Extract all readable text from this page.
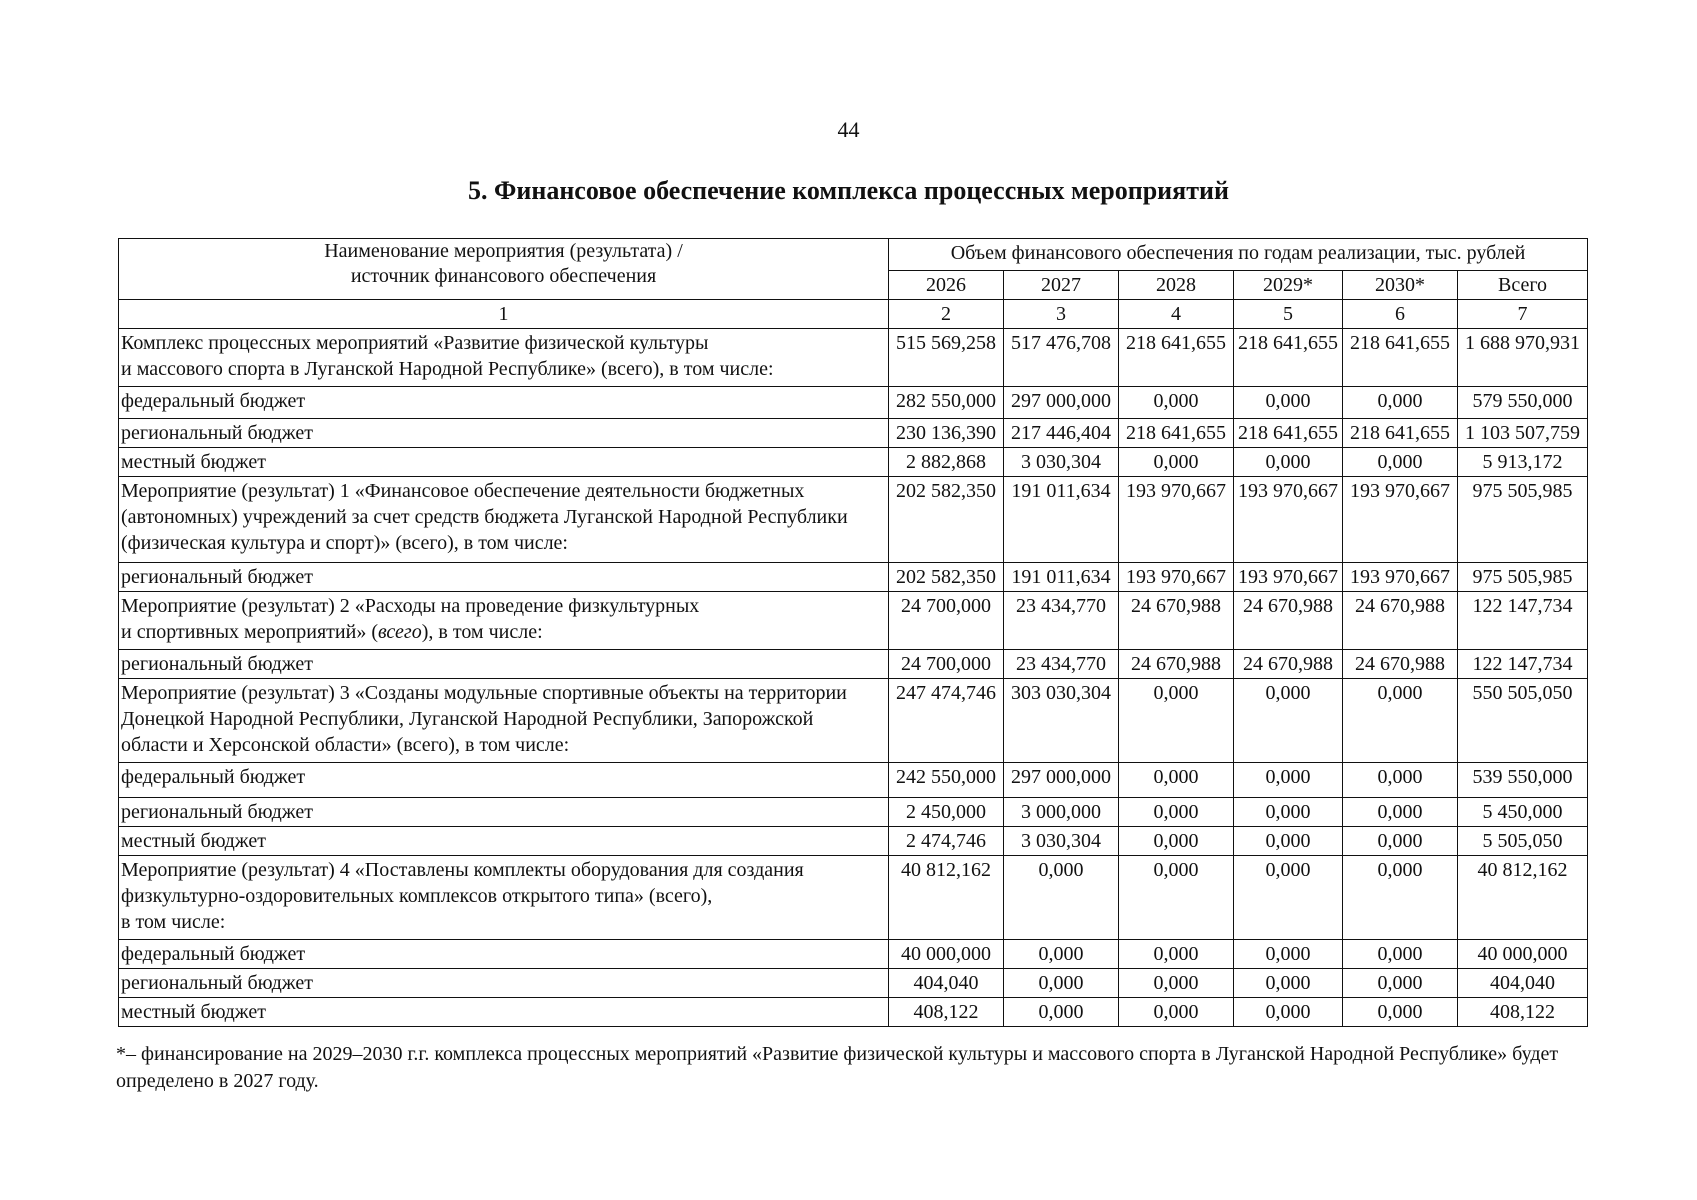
44
5. Финансовое обеспечение комплекса процессных мероприятий
Наименование мероприятия (результата) /
источник финансового обеспечения	Объем финансового обеспечения по годам реализации, тыс. рублей					
	2026	2027	2028	2029*	2030*	Всего
1	2	3	4	5	6	7
Комплекс процессных мероприятий «Развитие физической культуры
и массового спорта в Луганской Народной Республике» (всего), в том числе:	515 569,258	517 476,708	218 641,655	218 641,655	218 641,655	1 688 970,931
федеральный бюджет	282 550,000	297 000,000	0,000	0,000	0,000	579 550,000
региональный бюджет	230 136,390	217 446,404	218 641,655	218 641,655	218 641,655	1 103 507,759
местный бюджет	2 882,868	3 030,304	0,000	0,000	0,000	5 913,172
Мероприятие (результат) 1 «Финансовое обеспечение деятельности бюджетных (автономных) учреждений за счет средств бюджета Луганской Народной Республики (физическая культура и спорт)» (всего), в том числе:	202 582,350	191 011,634	193 970,667	193 970,667	193 970,667	975 505,985
региональный бюджет	202 582,350	191 011,634	193 970,667	193 970,667	193 970,667	975 505,985
Мероприятие (результат) 2 «Расходы на проведение физкультурных
и спортивных мероприятий» (всего), в том числе:	24 700,000	23 434,770	24 670,988	24 670,988	24 670,988	122 147,734
региональный бюджет	24 700,000	23 434,770	24 670,988	24 670,988	24 670,988	122 147,734
Мероприятие (результат) 3 «Созданы модульные спортивные объекты на территории Донецкой Народной Республики, Луганской Народной Республики, Запорожской области и Херсонской области» (всего), в том числе:	247 474,746	303 030,304	0,000	0,000	0,000	550 505,050
федеральный бюджет	242 550,000	297 000,000	0,000	0,000	0,000	539 550,000
региональный бюджет	2 450,000	3 000,000	0,000	0,000	0,000	5 450,000
местный бюджет	2 474,746	3 030,304	0,000	0,000	0,000	5 505,050
Мероприятие (результат) 4 «Поставлены комплекты оборудования для создания физкультурно-оздоровительных комплексов открытого типа» (всего),
в том числе:	40 812,162	0,000	0,000	0,000	0,000	40 812,162
федеральный бюджет	40 000,000	0,000	0,000	0,000	0,000	40 000,000
региональный бюджет	404,040	0,000	0,000	0,000	0,000	404,040
местный бюджет	408,122	0,000	0,000	0,000	0,000	408,122
*– финансирование на 2029–2030 г.г. комплекса процессных мероприятий «Развитие физической культуры и массового спорта в Луганской Народной Республике» будет определено в 2027 году.
